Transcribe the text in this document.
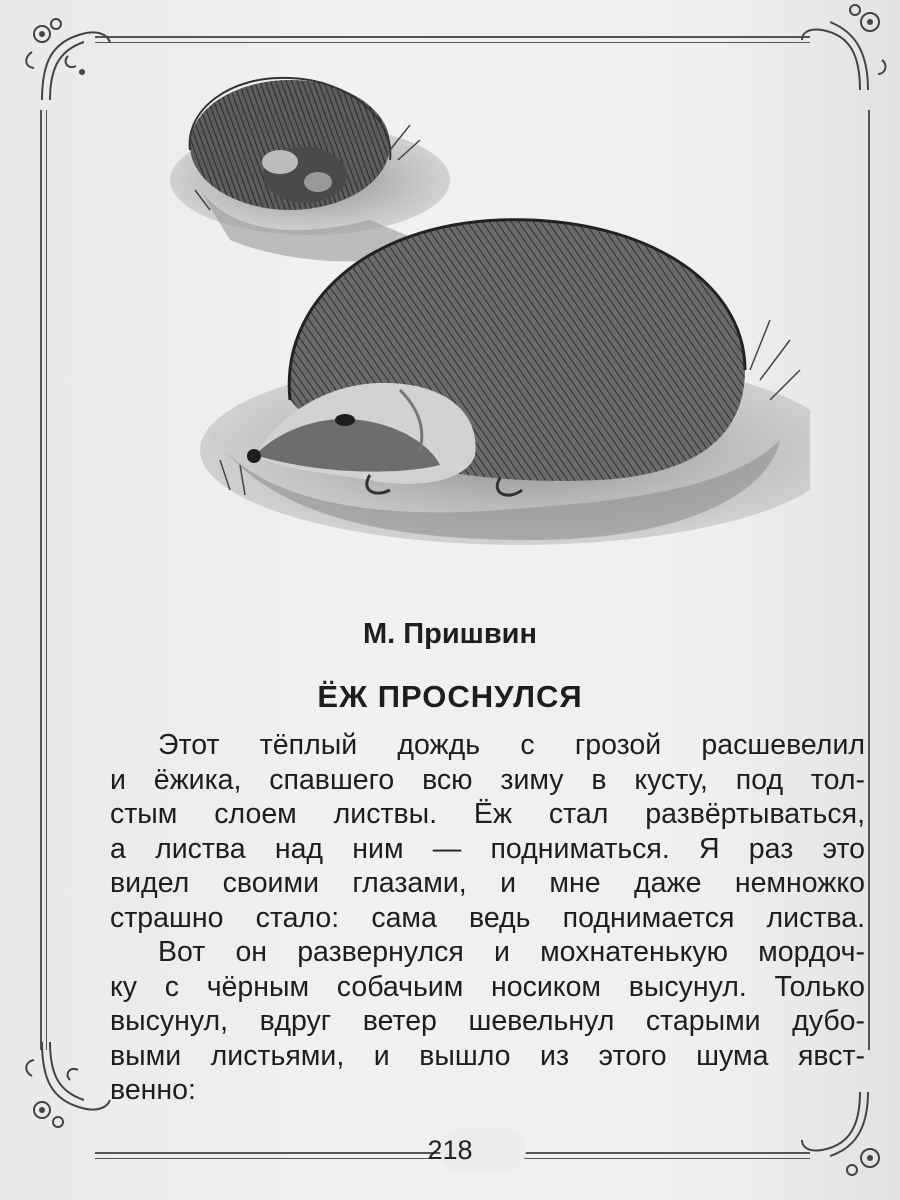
М. Пришвин
ЁЖ ПРОСНУЛСЯ
Этот тёплый дождь с грозой расшевелил
и ёжика, спавшего всю зиму в кусту, под тол-
стым слоем листвы. Ёж стал развёртываться,
а листва над ним — подниматься. Я раз это
видел своими глазами, и мне даже немножко
страшно стало: сама ведь поднимается листва.
Вот он развернулся и мохнатенькую мордоч-
ку с чёрным собачьим носиком высунул. Только
высунул, вдруг ветер шевельнул старыми дубо-
выми листьями, и вышло из этого шума явст-
венно:
218
